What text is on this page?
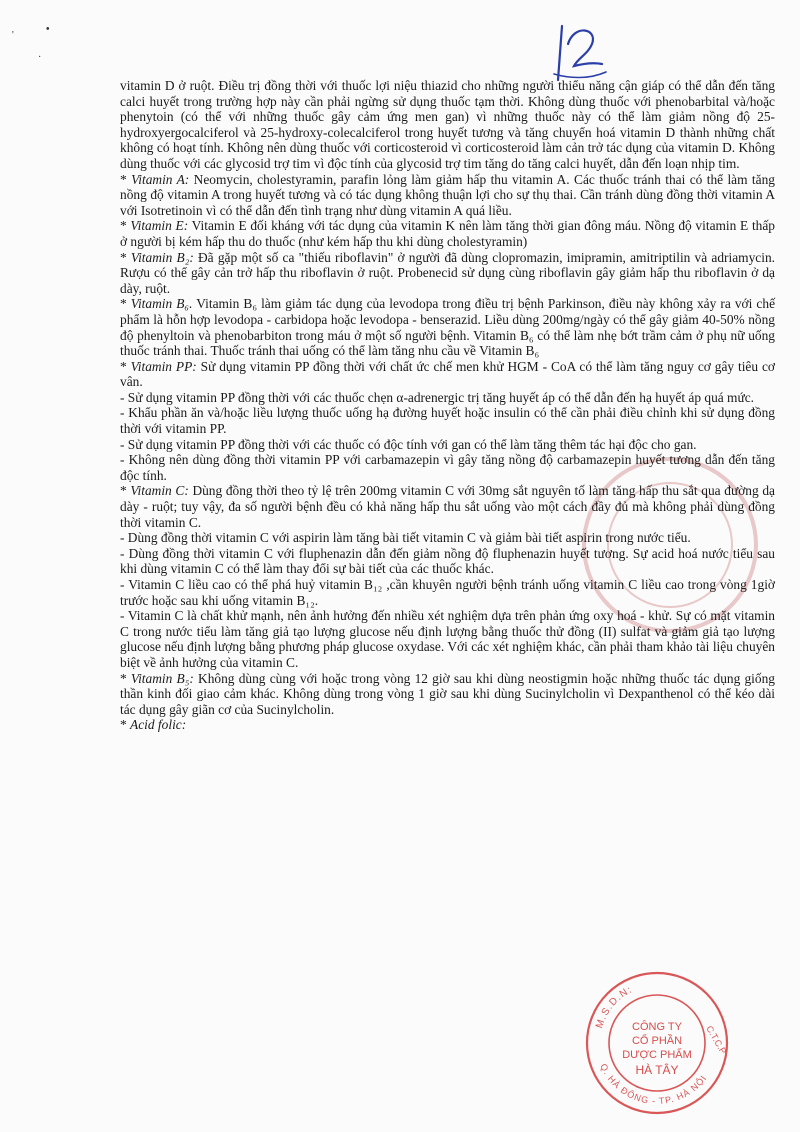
'
•
·

vitamin D ở ruột. Điều trị đồng thời với thuốc lợi niệu thiazid cho những người thiểu năng cận giáp có thể dẫn đến tăng calci huyết trong trường hợp này cần phải ngừng sử dụng thuốc tạm thời. Không dùng thuốc với phenobarbital và/hoặc phenytoin (có thể với những thuốc gây cảm ứng men gan) vì những thuốc này có thể làm giảm nồng độ 25-hydroxyergocalciferol và 25-hydroxy-colecalciferol trong huyết tương và tăng chuyển hoá vitamin D thành những chất không có hoạt tính. Không nên dùng thuốc với corticosteroid vì corticosteroid làm cản trở tác dụng của vitamin D. Không dùng thuốc với các glycosid trợ tim vì độc tính của glycosid trợ tim tăng do tăng calci huyết, dẫn đến loạn nhịp tim.

* Vitamin A: Neomycin, cholestyramin, parafin lỏng làm giảm hấp thu vitamin A. Các thuốc tránh thai có thể làm tăng nồng độ vitamin A trong huyết tương và có tác dụng không thuận lợi cho sự thụ thai. Cần tránh dùng đồng thời vitamin A với Isotretinoin vì có thể dẫn đến tình trạng như dùng vitamin A quá liều.

* Vitamin E: Vitamin E đối kháng với tác dụng của vitamin K nên làm tăng thời gian đông máu. Nồng độ vitamin E thấp ở người bị kém hấp thu do thuốc (như kém hấp thu khi dùng cholestyramin)

* Vitamin B₂: Đã gặp một số ca "thiếu riboflavin" ở người đã dùng clopromazin, imipramin, amitriptilin và adriamycin. Rượu có thể gây cản trở hấp thu riboflavin ở ruột. Probenecid sử dụng cùng riboflavin gây giảm hấp thu riboflavin ở dạ dày, ruột.

* Vitamin B₆. Vitamin B₆ làm giảm tác dụng của levodopa trong điều trị bệnh Parkinson, điều này không xảy ra với chế phẩm là hỗn hợp levodopa - carbidopa hoặc levodopa - benserazid. Liều dùng 200mg/ngày có thể gây giảm 40-50% nồng độ phenyltoin và phenobarbiton trong máu ở một số người bệnh. Vitamin B₆ có thể làm nhẹ bớt trầm cảm ở phụ nữ uống thuốc tránh thai. Thuốc tránh thai uống có thể làm tăng nhu cầu về Vitamin B₆

* Vitamin PP: Sử dụng vitamin PP đồng thời với chất ức chế men khử HGM - CoA có thể làm tăng nguy cơ gây tiêu cơ vân.

- Sử dụng vitamin PP đồng thời với các thuốc chẹn α-adrenergic trị tăng huyết áp có thể dẫn đến hạ huyết áp quá mức.

- Khẩu phần ăn và/hoặc liều lượng thuốc uống hạ đường huyết hoặc insulin có thể cần phải điều chỉnh khi sử dụng đồng thời với vitamin PP.

- Sử dụng vitamin PP đồng thời với các thuốc có độc tính với gan có thể làm tăng thêm tác hại độc cho gan.

- Không nên dùng đồng thời vitamin PP với carbamazepin vì gây tăng nồng độ carbamazepin huyết tương dẫn đến tăng độc tính.

* Vitamin C: Dùng đồng thời theo tỷ lệ trên 200mg vitamin C với 30mg sắt nguyên tố làm tăng hấp thu sắt qua đường dạ dày - ruột; tuy vậy, đa số người bệnh đều có khả năng hấp thu sắt uống vào một cách đầy đủ mà không phải dùng đồng thời vitamin C.

- Dùng đồng thời vitamin C với aspirin làm tăng bài tiết vitamin C và giảm bài tiết aspirin trong nước tiểu.

- Dùng đồng thời vitamin C với fluphenazin dẫn đến giảm nồng độ fluphenazin huyết tương. Sự acid hoá nước tiểu sau khi dùng vitamin C có thể làm thay đổi sự bài tiết của các thuốc khác.

- Vitamin C liều cao có thể phá huỷ vitamin B₁₂ ,cần khuyên người bệnh tránh uống vitamin C liều cao trong vòng 1giờ trước hoặc sau khi uống vitamin B₁₂.

- Vitamin C là chất khử mạnh, nên ảnh hưởng đến nhiều xét nghiệm dựa trên phản ứng oxy hoá - khử. Sự có mặt vitamin C trong nước tiểu làm tăng giả tạo lượng glucose nếu định lượng bằng thuốc thử đồng (II) sulfat và giảm giả tạo lượng glucose nếu định lượng bằng phương pháp glucose oxydase. Với các xét nghiệm khác, cần phải tham khảo tài liệu chuyên biệt về ảnh hưởng của vitamin C.

* Vitamin B₅: Không dùng cùng với hoặc trong vòng 12 giờ sau khi dùng neostigmin hoặc những thuốc tác dụng giống thần kinh đối giao cảm khác. Không dùng trong vòng 1 giờ sau khi dùng Sucinylcholin vì Dexpanthenol có thể kéo dài tác dụng gây giãn cơ của Sucinylcholin.

* Acid folic:

M.S.D.N:
Q. HÀ ĐÔNG - TP. HÀ NỘI
C.T.C.P
CÔNG TY
CỔ PHẦN
DƯỢC PHẨM
HÀ TÂY
